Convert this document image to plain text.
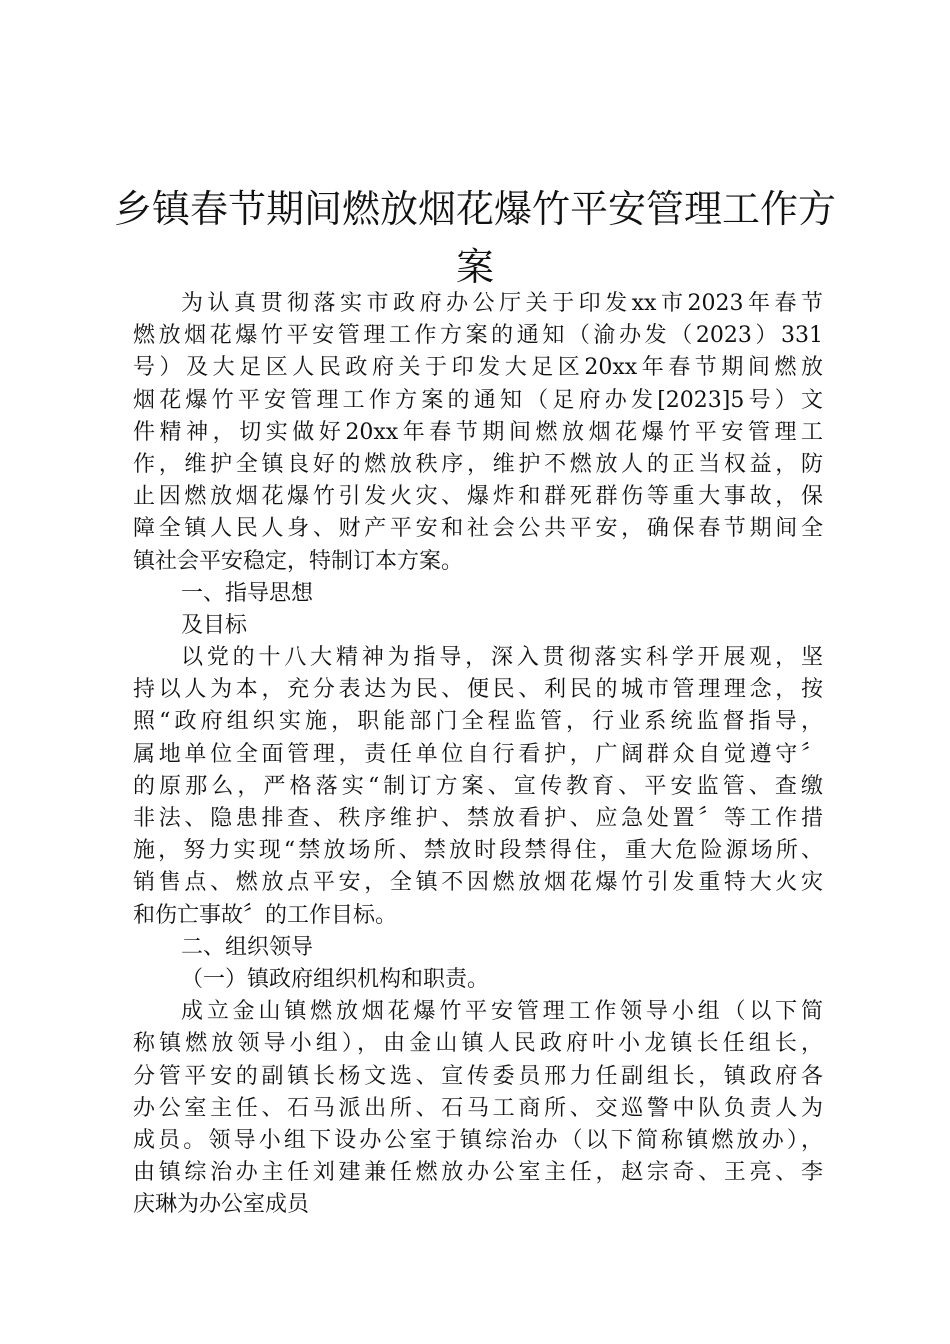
乡镇春节期间燃放烟花爆竹平安管理工作方
案
为认真贯彻落实市政府办公厅关于印发xx市2023年春节
燃放烟花爆竹平安管理工作方案的通知（渝办发（2023）331
号）及大足区人民政府关于印发大足区20xx年春节期间燃放
烟花爆竹平安管理工作方案的通知（足府办发[2023]5号）文
件精神，切实做好20xx年春节期间燃放烟花爆竹平安管理工
作，维护全镇良好的燃放秩序，维护不燃放人的正当权益，防
止因燃放烟花爆竹引发火灾、爆炸和群死群伤等重大事故，保
障全镇人民人身、财产平安和社会公共平安，确保春节期间全
镇社会平安稳定，特制订本方案。
一、指导思想
及目标
以党的十八大精神为指导，深入贯彻落实科学开展观，坚
持以人为本，充分表达为民、便民、利民的城市管理理念，按
照“政府组织实施，职能部门全程监管，行业系统监督指导，
属地单位全面管理，责任单位自行看护，广阔群众自觉遵守〞
的原那么，严格落实“制订方案、宣传教育、平安监管、查缴
非法、隐患排查、秩序维护、禁放看护、应急处置〞等工作措
施，努力实现“禁放场所、禁放时段禁得住，重大危险源场所、
销售点、燃放点平安，全镇不因燃放烟花爆竹引发重特大火灾
和伤亡事故〞的工作目标。
二、组织领导
（一）镇政府组织机构和职责。
成立金山镇燃放烟花爆竹平安管理工作领导小组（以下简
称镇燃放领导小组），由金山镇人民政府叶小龙镇长任组长，
分管平安的副镇长杨文选、宣传委员邢力任副组长，镇政府各
办公室主任、石马派出所、石马工商所、交巡警中队负责人为
成员。领导小组下设办公室于镇综治办（以下简称镇燃放办），
由镇综治办主任刘建兼任燃放办公室主任，赵宗奇、王亮、李
庆琳为办公室成员
